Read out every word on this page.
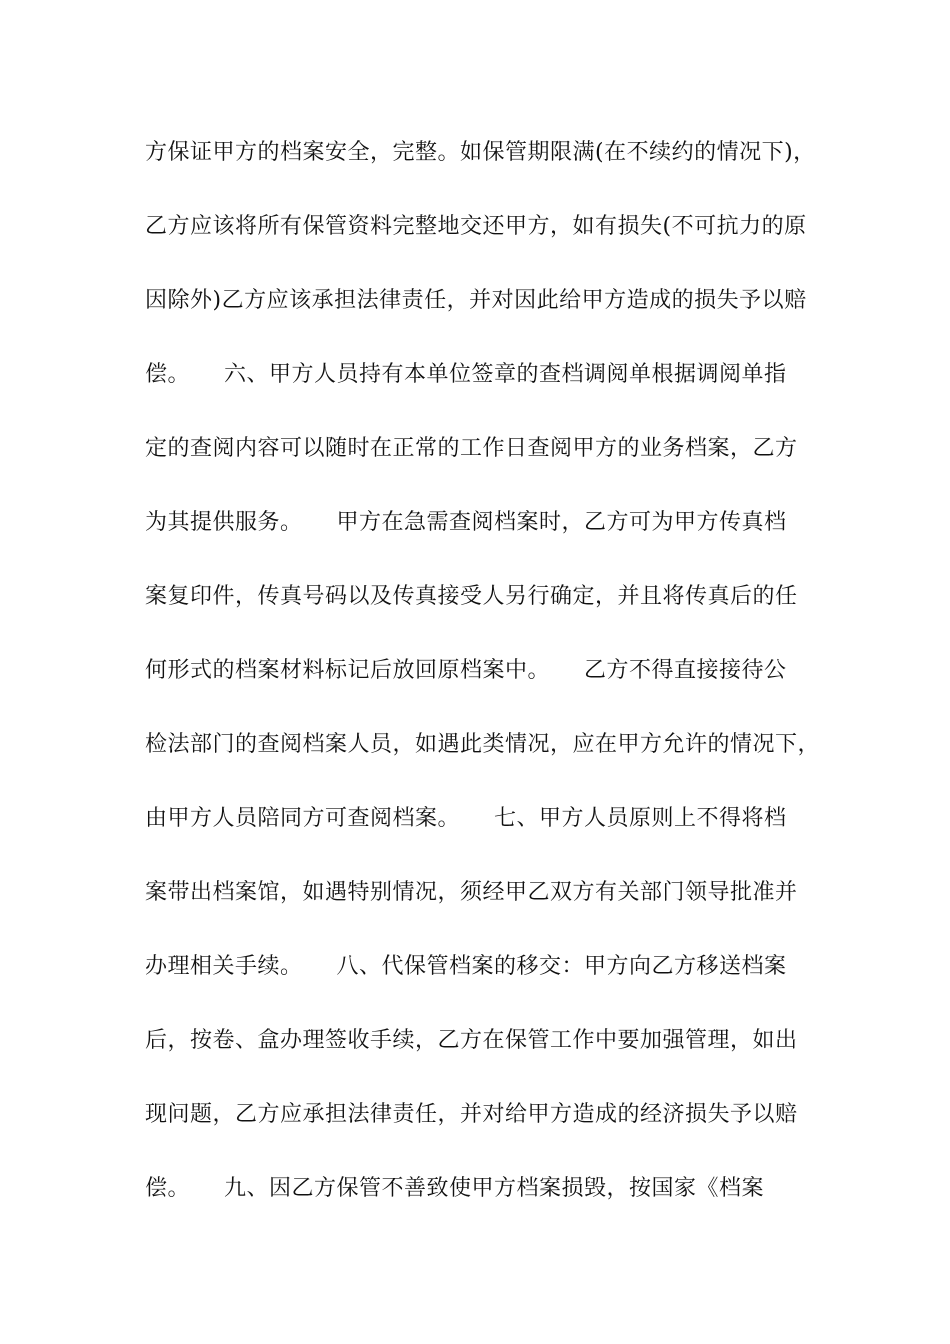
方保证甲方的档案安全，完整。如保管期限满(在不续约的情况下)，
乙方应该将所有保管资料完整地交还甲方，如有损失(不可抗力的原
因除外)乙方应该承担法律责任，并对因此给甲方造成的损失予以赔
偿。　　六、甲方人员持有本单位签章的查档调阅单根据调阅单指
定的查阅内容可以随时在正常的工作日查阅甲方的业务档案，乙方
为其提供服务。　　甲方在急需查阅档案时，乙方可为甲方传真档
案复印件，传真号码以及传真接受人另行确定，并且将传真后的任
何形式的档案材料标记后放回原档案中。　　乙方不得直接接待公
检法部门的查阅档案人员，如遇此类情况，应在甲方允许的情况下，
由甲方人员陪同方可查阅档案。　　七、甲方人员原则上不得将档
案带出档案馆，如遇特别情况，须经甲乙双方有关部门领导批准并
办理相关手续。　　八、代保管档案的移交：甲方向乙方移送档案
后，按卷、盒办理签收手续，乙方在保管工作中要加强管理，如出
现问题，乙方应承担法律责任，并对给甲方造成的经济损失予以赔
偿。　　九、因乙方保管不善致使甲方档案损毁，按国家《档案
